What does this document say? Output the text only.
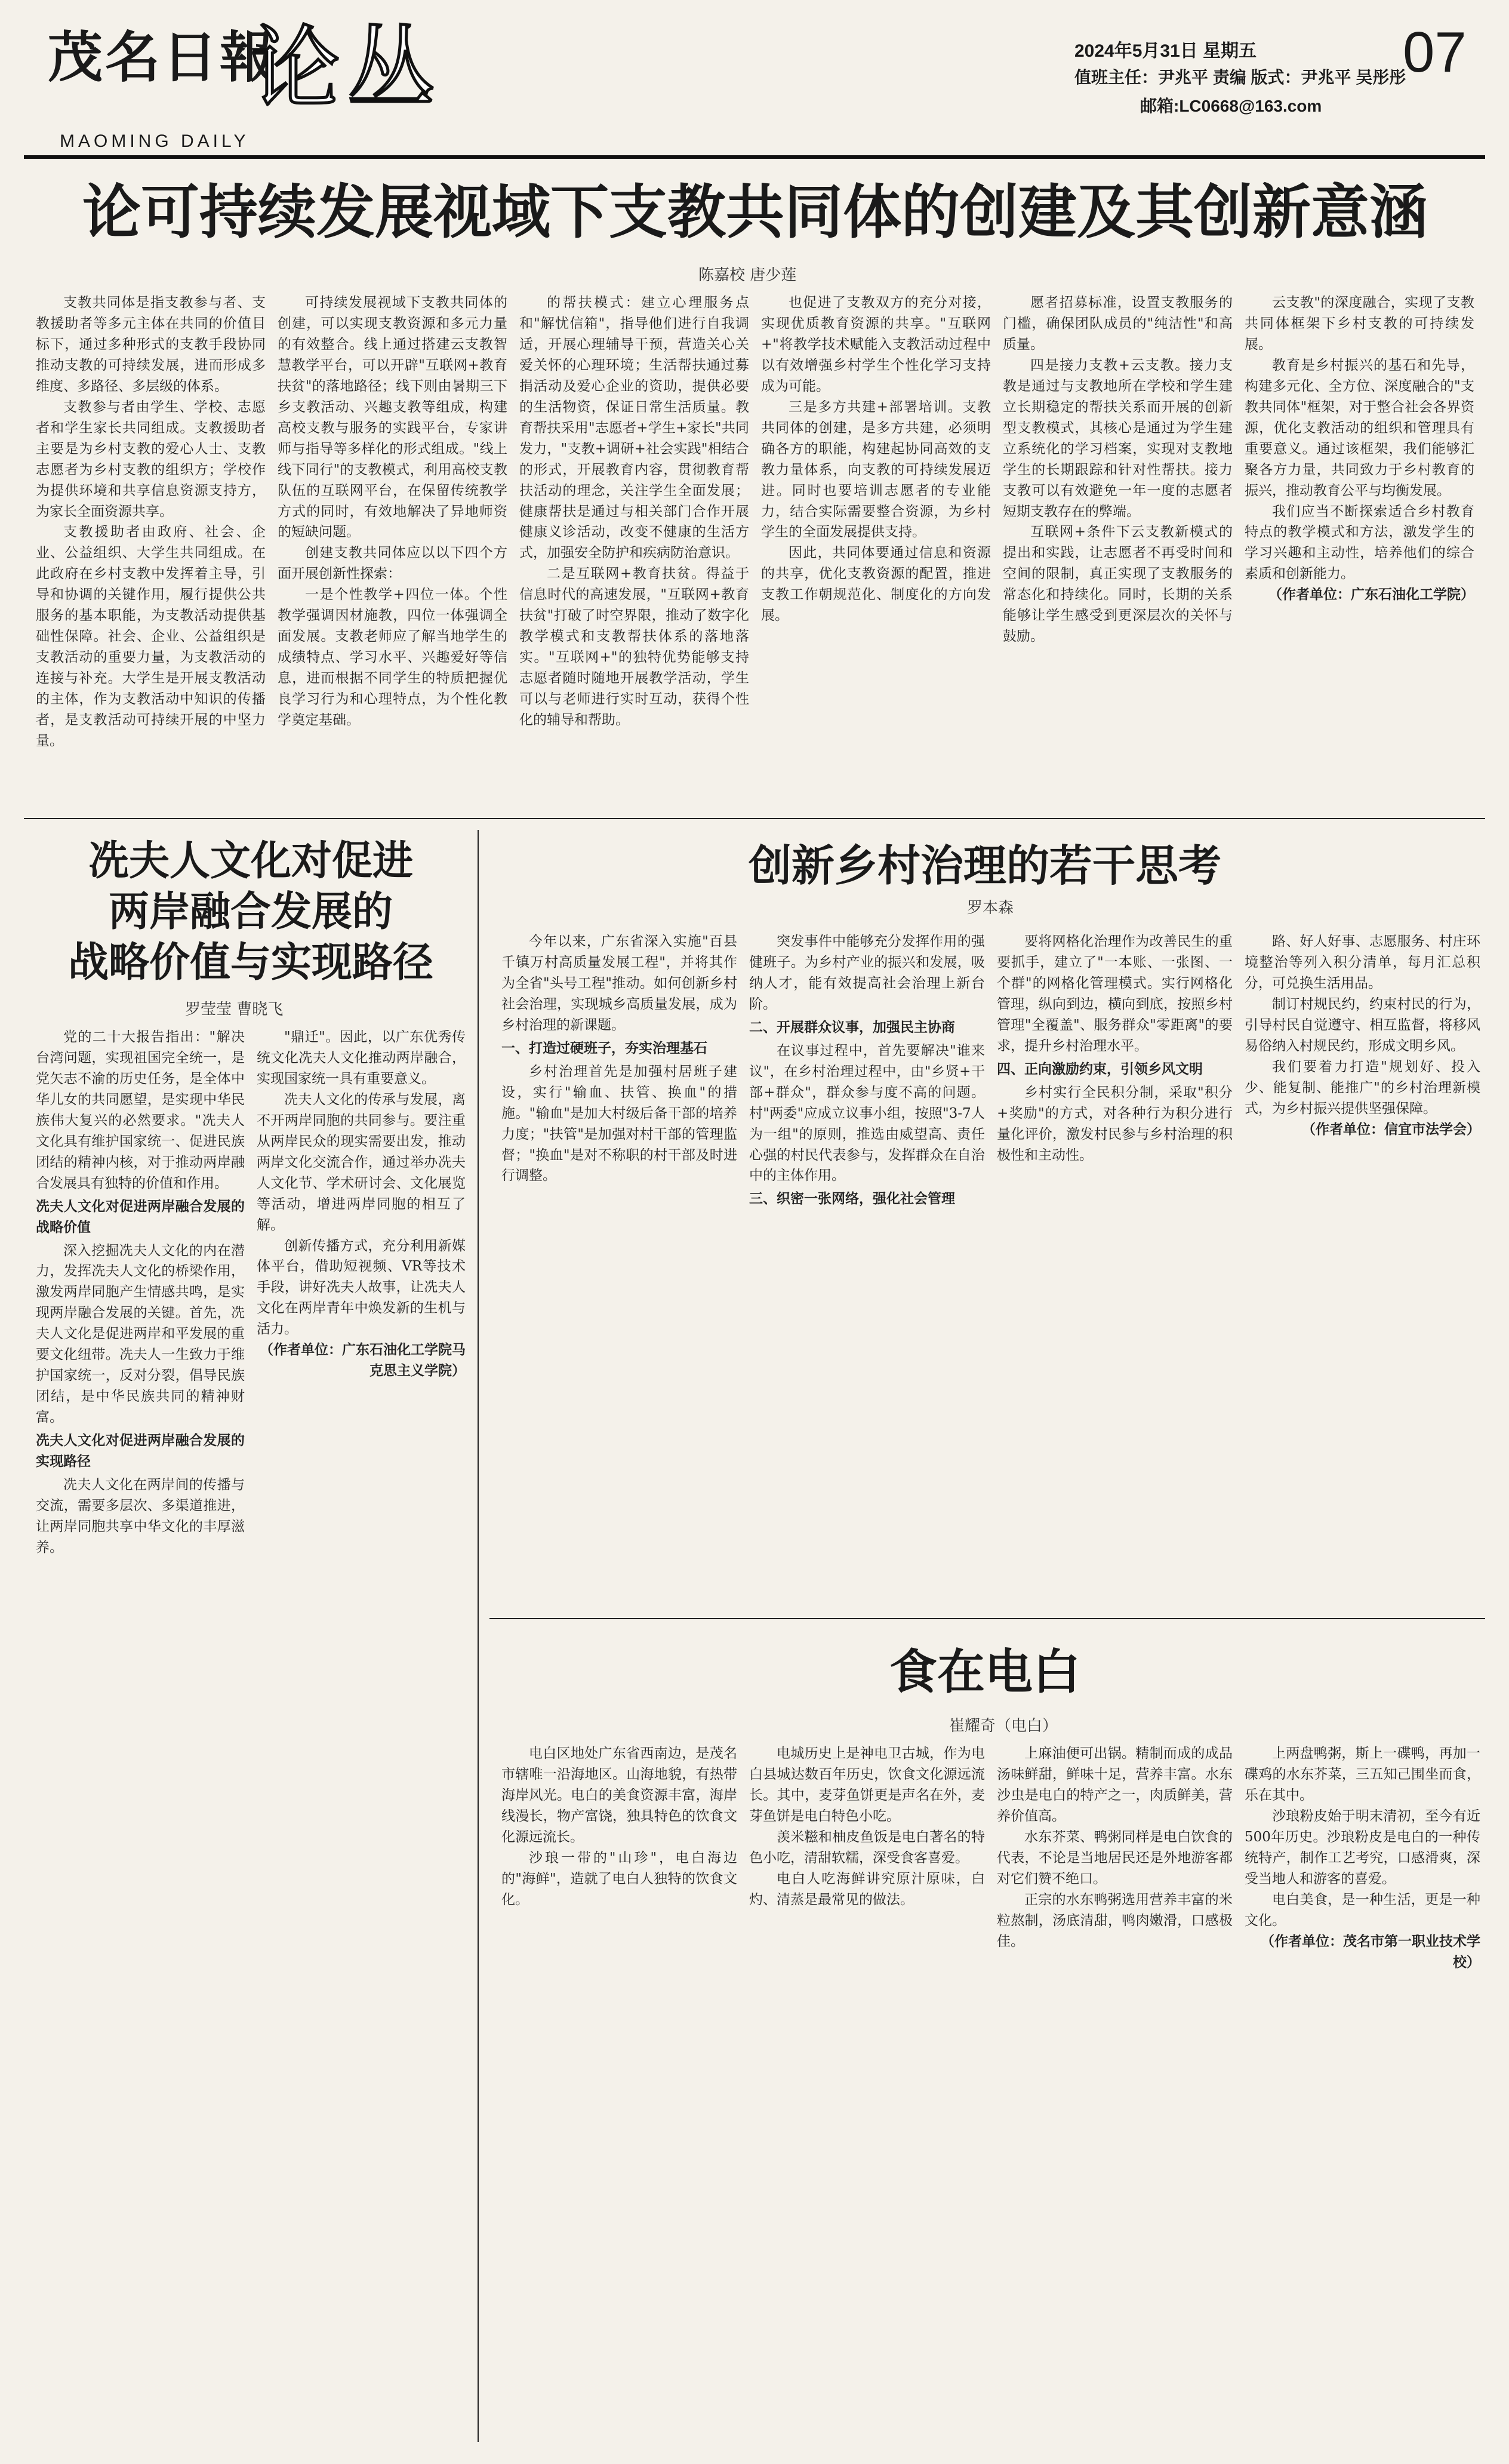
茂名日報
MAOMING DAILY
论丛	2024年5月31日 星期五
值班主任：尹兆平 责编 版式：尹兆平 吴彤彤
邮箱:LC0668@163.com
07
论可持续发展视域下支教共同体的创建及其创新意涵
陈嘉校 唐少莲

支教共同体是指支教参与者、支教援助者等多元主体在共同的价值目标下，通过多种形式的支教手段协同推动支教的可持续发展，进而形成多维度、多路径、多层级的体系。

支教参与者由学生、学校、志愿者和学生家长共同组成。支教援助者主要是为乡村支教的爱心人士、支教志愿者为乡村支教的组织方；学校作为提供环境和共享信息资源支持方，为家长全面资源共享。

支教援助者由政府、社会、企业、公益组织、大学生共同组成。在此政府在乡村支教中发挥着主导，引导和协调的关键作用，履行提供公共服务的基本职能，为支教活动提供基础性保障。社会、企业、公益组织是支教活动的重要力量，为支教活动的连接与补充。大学生是开展支教活动的主体，作为支教活动中知识的传播者，是支教活动可持续开展的中坚力量。

可持续发展视域下支教共同体的创建，可以实现支教资源和多元力量的有效整合。线上通过搭建云支教智慧教学平台，可以开辟"互联网+教育扶贫"的落地路径；线下则由暑期三下乡支教活动、兴趣支教等组成，构建高校支教与服务的实践平台，专家讲师与指导等多样化的形式组成。"线上线下同行"的支教模式，利用高校支教队伍的互联网平台，在保留传统教学方式的同时，有效地解决了异地师资的短缺问题。

创建支教共同体应以以下四个方面开展创新性探索：

一是个性教学+四位一体。个性教学强调因材施教，四位一体强调全面发展。支教老师应了解当地学生的成绩特点、学习水平、兴趣爱好等信息，进而根据不同学生的特质把握优良学习行为和心理特点，为个性化教学奠定基础。

的帮扶模式：建立心理服务点和"解忧信箱"，指导他们进行自我调适，开展心理辅导干预，营造关心关爱关怀的心理环境；生活帮扶通过募捐活动及爱心企业的资助，提供必要的生活物资，保证日常生活质量。教育帮扶采用"志愿者+学生+家长"共同发力，"支教+调研+社会实践"相结合的形式，开展教育内容，贯彻教育帮扶活动的理念，关注学生全面发展；健康帮扶是通过与相关部门合作开展健康义诊活动，改变不健康的生活方式，加强安全防护和疾病防治意识。

二是互联网+教育扶贫。得益于信息时代的高速发展，"互联网+教育扶贫"打破了时空界限，推动了数字化教学模式和支教帮扶体系的落地落实。"互联网+"的独特优势能够支持志愿者随时随地开展教学活动，学生可以与老师进行实时互动，获得个性化的辅导和帮助。

也促进了支教双方的充分对接，实现优质教育资源的共享。"互联网+"将教学技术赋能入支教活动过程中以有效增强乡村学生个性化学习支持成为可能。

三是多方共建+部署培训。支教共同体的创建，是多方共建，必须明确各方的职能，构建起协同高效的支教力量体系，向支教的可持续发展迈进。同时也要培训志愿者的专业能力，结合实际需要整合资源，为乡村学生的全面发展提供支持。

因此，共同体要通过信息和资源的共享，优化支教资源的配置，推进支教工作朝规范化、制度化的方向发展。

愿者招募标准，设置支教服务的门槛，确保团队成员的"纯洁性"和高质量。

四是接力支教+云支教。接力支教是通过与支教地所在学校和学生建立长期稳定的帮扶关系而开展的创新型支教模式，其核心是通过为学生建立系统化的学习档案，实现对支教地学生的长期跟踪和针对性帮扶。接力支教可以有效避免一年一度的志愿者短期支教存在的弊端。

互联网+条件下云支教新模式的提出和实践，让志愿者不再受时间和空间的限制，真正实现了支教服务的常态化和持续化。同时，长期的关系能够让学生感受到更深层次的关怀与鼓励。

云支教"的深度融合，实现了支教共同体框架下乡村支教的可持续发展。

教育是乡村振兴的基石和先导，构建多元化、全方位、深度融合的"支教共同体"框架，对于整合社会各界资源，优化支教活动的组织和管理具有重要意义。通过该框架，我们能够汇聚各方力量，共同致力于乡村教育的振兴，推动教育公平与均衡发展。

我们应当不断探索适合乡村教育特点的教学模式和方法，激发学生的学习兴趣和主动性，培养他们的综合素质和创新能力。

（作者单位：广东石油化工学院）

冼夫人文化对促进
两岸融合发展的
战略价值与实现路径
罗莹莹 曹晓飞

党的二十大报告指出："解决台湾问题，实现祖国完全统一，是党矢志不渝的历史任务，是全体中华儿女的共同愿望，是实现中华民族伟大复兴的必然要求。"冼夫人文化具有维护国家统一、促进民族团结的精神内核，对于推动两岸融合发展具有独特的价值和作用。

冼夫人文化对促进两岸融合发展的战略价值

深入挖掘冼夫人文化的内在潜力，发挥冼夫人文化的桥梁作用，激发两岸同胞产生情感共鸣，是实现两岸融合发展的关键。首先，冼夫人文化是促进两岸和平发展的重要文化纽带。冼夫人一生致力于维护国家统一，反对分裂，倡导民族团结，是中华民族共同的精神财富。

冼夫人文化对促进两岸融合发展的实现路径

冼夫人文化在两岸间的传播与交流，需要多层次、多渠道推进，让两岸同胞共享中华文化的丰厚滋养。

"鼎迁"。因此，以广东优秀传统文化冼夫人文化推动两岸融合，实现国家统一具有重要意义。

冼夫人文化的传承与发展，离不开两岸同胞的共同参与。要注重从两岸民众的现实需要出发，推动两岸文化交流合作，通过举办冼夫人文化节、学术研讨会、文化展览等活动，增进两岸同胞的相互了解。

创新传播方式，充分利用新媒体平台，借助短视频、VR等技术手段，讲好冼夫人故事，让冼夫人文化在两岸青年中焕发新的生机与活力。

（作者单位：广东石油化工学院马克思主义学院）

创新乡村治理的若干思考
罗本森

今年以来，广东省深入实施"百县千镇万村高质量发展工程"，并将其作为全省"头号工程"推动。如何创新乡村社会治理，实现城乡高质量发展，成为乡村治理的新课题。

一、打造过硬班子，夯实治理基石

乡村治理首先是加强村居班子建设，实行"输血、扶管、换血"的措施。"输血"是加大村级后备干部的培养力度；"扶管"是加强对村干部的管理监督；"换血"是对不称职的村干部及时进行调整。

突发事件中能够充分发挥作用的强健班子。为乡村产业的振兴和发展，吸纳人才，能有效提高社会治理上新台阶。

二、开展群众议事，加强民主协商

在议事过程中，首先要解决"谁来议"，在乡村治理过程中，由"乡贤+干部+群众"，群众参与度不高的问题。村"两委"应成立议事小组，按照"3-7人为一组"的原则，推选由威望高、责任心强的村民代表参与，发挥群众在自治中的主体作用。

三、织密一张网络，强化社会管理

要将网格化治理作为改善民生的重要抓手，建立了"一本账、一张图、一个群"的网格化管理模式。实行网格化管理，纵向到边，横向到底，按照乡村管理"全覆盖"、服务群众"零距离"的要求，提升乡村治理水平。

四、正向激励约束，引领乡风文明

乡村实行全民积分制，采取"积分+奖励"的方式，对各种行为积分进行量化评价，激发村民参与乡村治理的积极性和主动性。

路、好人好事、志愿服务、村庄环境整治等列入积分清单，每月汇总积分，可兑换生活用品。

制订村规民约，约束村民的行为，引导村民自觉遵守、相互监督，将移风易俗纳入村规民约，形成文明乡风。

我们要着力打造"规划好、投入少、能复制、能推广"的乡村治理新模式，为乡村振兴提供坚强保障。

（作者单位：信宜市法学会）

食在电白
崔耀奇（电白）

电白区地处广东省西南边，是茂名市辖唯一沿海地区。山海地貌，有热带海岸风光。电白的美食资源丰富，海岸线漫长，物产富饶，独具特色的饮食文化源远流长。

沙琅一带的"山珍"，电白海边的"海鲜"，造就了电白人独特的饮食文化。

电城历史上是神电卫古城，作为电白县城达数百年历史，饮食文化源远流长。其中，麦芽鱼饼更是声名在外，麦芽鱼饼是电白特色小吃。

羡米糍和柚皮鱼饭是电白著名的特色小吃，清甜软糯，深受食客喜爱。

电白人吃海鲜讲究原汁原味，白灼、清蒸是最常见的做法。

上麻油便可出锅。精制而成的成品汤味鲜甜，鲜味十足，营养丰富。水东沙虫是电白的特产之一，肉质鲜美，营养价值高。

水东芥菜、鸭粥同样是电白饮食的代表，不论是当地居民还是外地游客都对它们赞不绝口。

正宗的水东鸭粥选用营养丰富的米粒熬制，汤底清甜，鸭肉嫩滑，口感极佳。

上两盘鸭粥，斯上一碟鸭，再加一碟鸡的水东芥菜，三五知己围坐而食，乐在其中。

沙琅粉皮始于明末清初，至今有近500年历史。沙琅粉皮是电白的一种传统特产，制作工艺考究，口感滑爽，深受当地人和游客的喜爱。

电白美食，是一种生活，更是一种文化。

（作者单位：茂名市第一职业技术学校）
